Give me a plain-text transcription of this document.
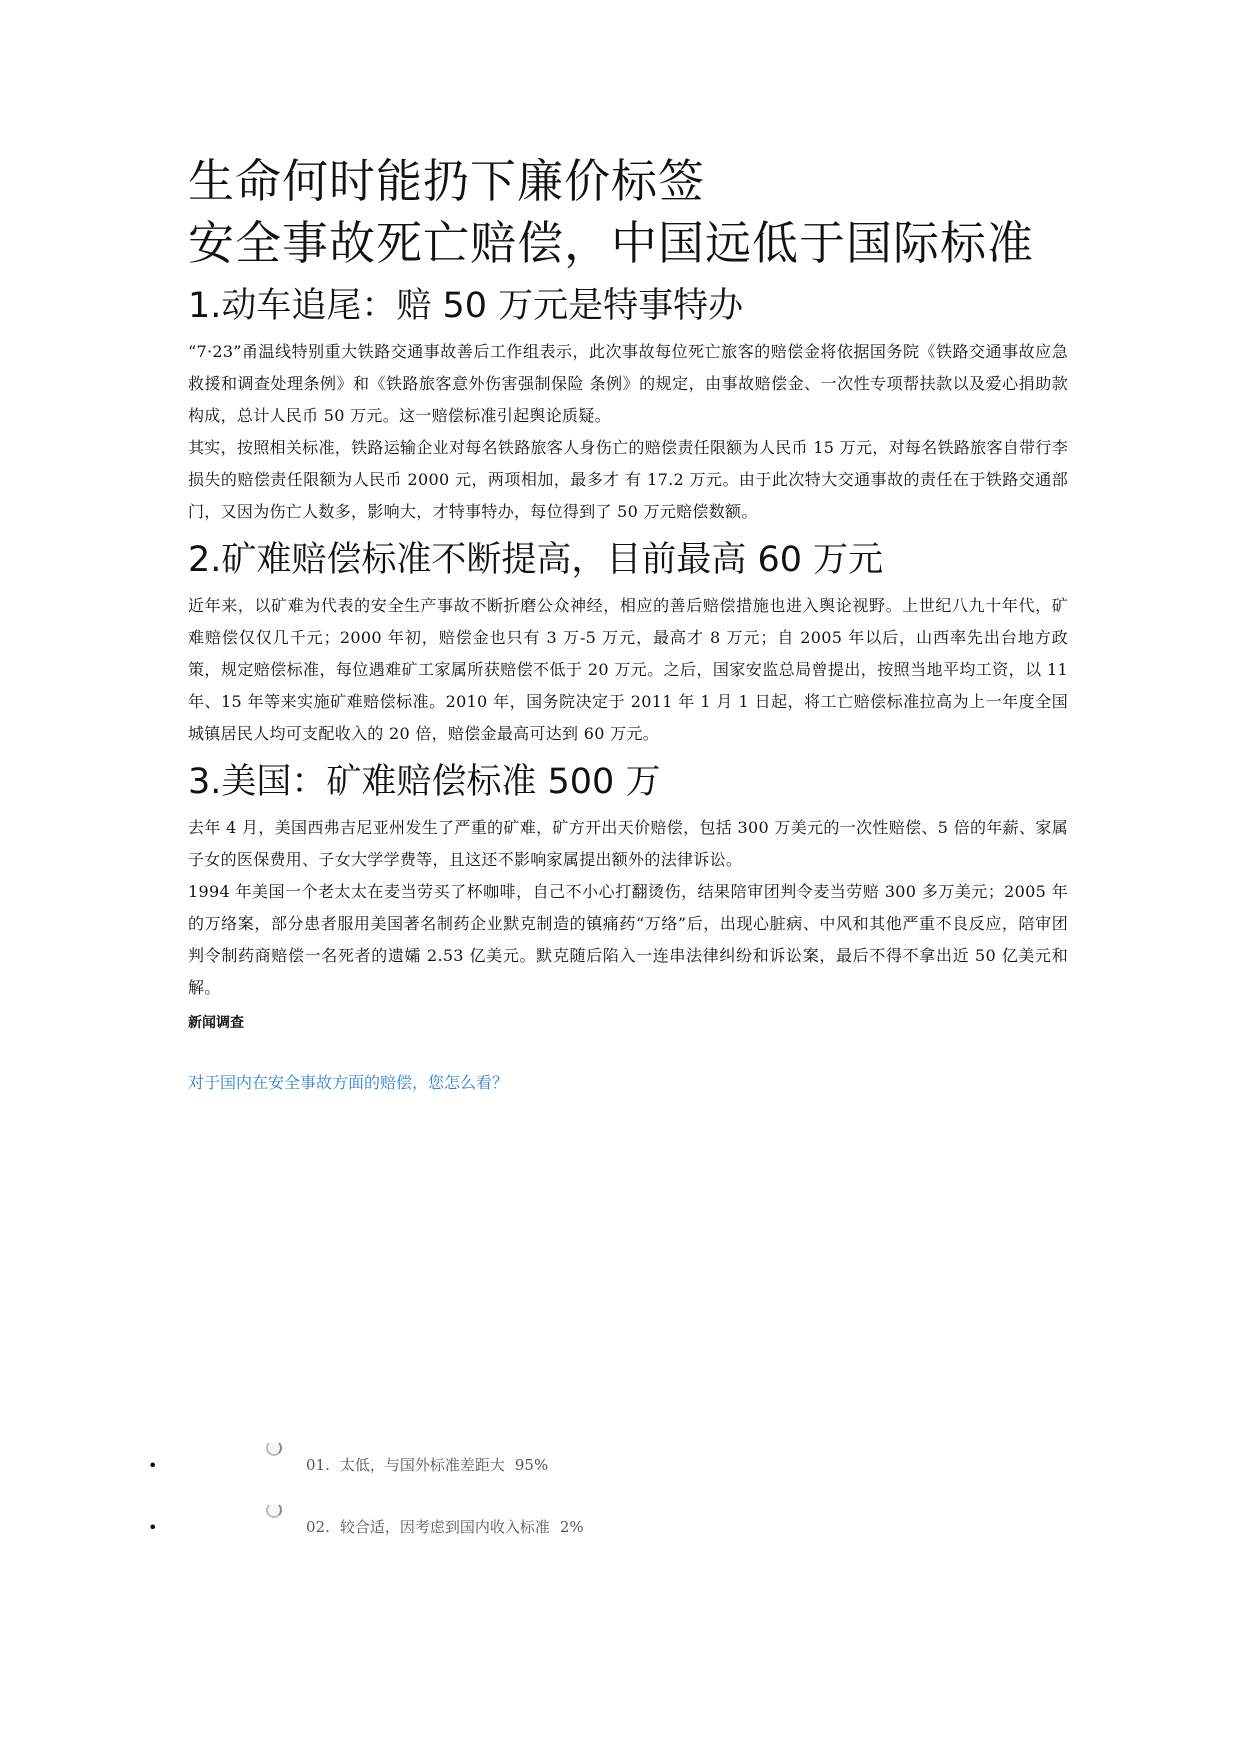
生命何时能扔下廉价标签
安全事故死亡赔偿，中国远低于国际标准
1.动车追尾：赔 50 万元是特事特办

“7·23”甬温线特别重大铁路交通事故善后工作组表示，此次事故每位死亡旅客的赔偿金将依据国务院《铁路交通事故应急救援和调查处理条例》和《铁路旅客意外伤害强制保险 条例》的规定，由事故赔偿金、一次性专项帮扶款以及爱心捐助款构成，总计人民币 50 万元。这一赔偿标准引起舆论质疑。

其实，按照相关标准，铁路运输企业对每名铁路旅客人身伤亡的赔偿责任限额为人民币 15 万元，对每名铁路旅客自带行李损失的赔偿责任限额为人民币 2000 元，两项相加，最多才 有 17.2 万元。由于此次特大交通事故的责任在于铁路交通部门，又因为伤亡人数多，影响大，才特事特办，每位得到了 50 万元赔偿数额。

2.矿难赔偿标准不断提高，目前最高 60 万元

近年来，以矿难为代表的安全生产事故不断折磨公众神经，相应的善后赔偿措施也进入舆论视野。上世纪八九十年代，矿难赔偿仅仅几千元；2000 年初，赔偿金也只有 3 万-5 万元，最高才 8 万元；自 2005 年以后，山西率先出台地方政策，规定赔偿标准，每位遇难矿工家属所获赔偿不低于 20 万元。之后，国家安监总局曾提出，按照当地平均工资，以 11 年、15 年等来实施矿难赔偿标准。2010 年，国务院决定于 2011 年 1 月 1 日起，将工亡赔偿标准拉高为上一年度全国城镇居民人均可支配收入的 20 倍，赔偿金最高可达到 60 万元。

3.美国：矿难赔偿标准 500 万

去年 4 月，美国西弗吉尼亚州发生了严重的矿难，矿方开出天价赔偿，包括 300 万美元的一次性赔偿、5 倍的年薪、家属子女的医保费用、子女大学学费等，且这还不影响家属提出额外的法律诉讼。

1994 年美国一个老太太在麦当劳买了杯咖啡，自己不小心打翻烫伤，结果陪审团判令麦当劳赔 300 多万美元；2005 年的万络案，部分患者服用美国著名制药企业默克制造的镇痛药“万络”后，出现心脏病、中风和其他严重不良反应，陪审团判令制药商赔偿一名死者的遗孀 2.53 亿美元。默克随后陷入一连串法律纠纷和诉讼案，最后不得不拿出近 50 亿美元和解。

新闻调查
对于国内在安全事故方面的赔偿，您怎么看？
•	01. 太低，与国外标准差距大 95%
•	02. 较合适，因考虑到国内收入标准 2%
